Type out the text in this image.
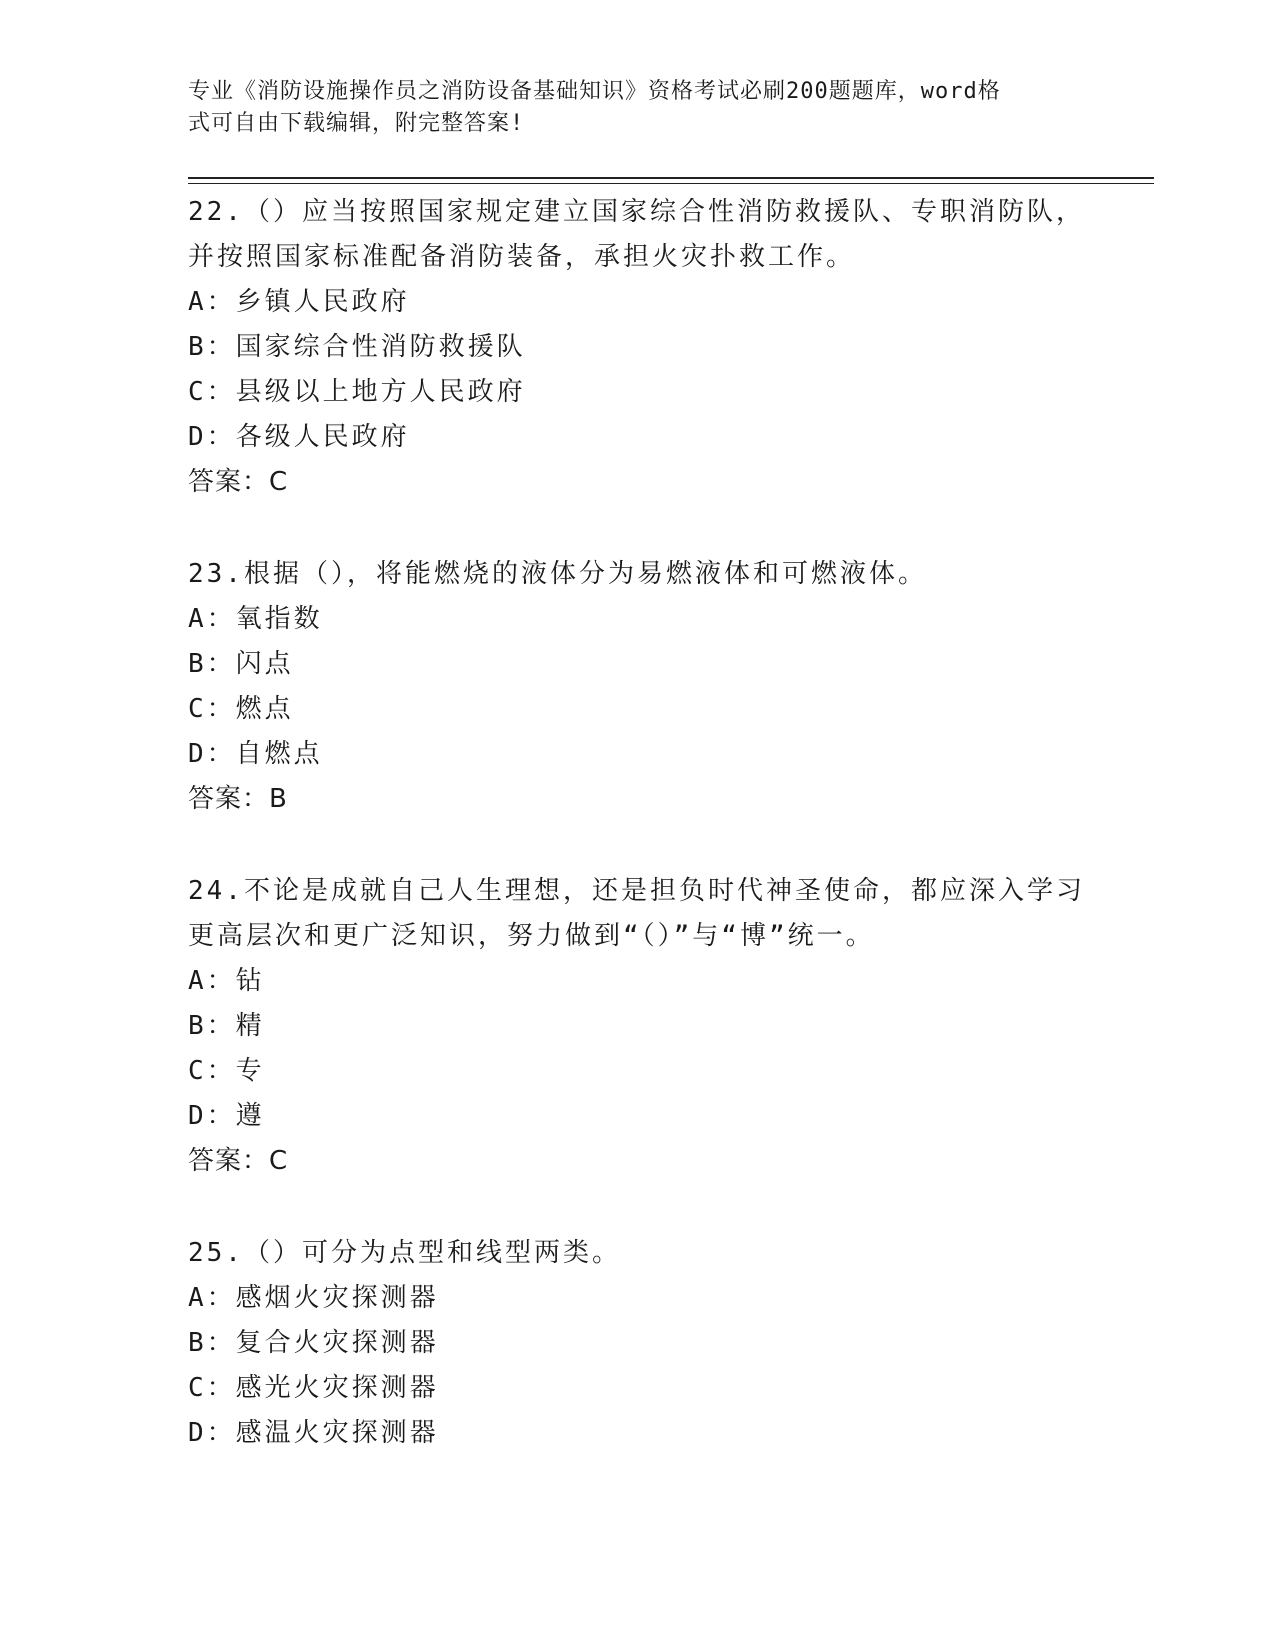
专业《消防设施操作员之消防设备基础知识》资格考试必刷200题题库，word格
式可自由下载编辑，附完整答案!

22.（）应当按照国家规定建立国家综合性消防救援队、专职消防队，

并按照国家标准配备消防装备，承担火灾扑救工作。

A：乡镇人民政府

B：国家综合性消防救援队

C：县级以上地方人民政府

D：各级人民政府

答案：C

23.根据（），将能燃烧的液体分为易燃液体和可燃液体。

A：氧指数

B：闪点

C：燃点

D：自燃点

答案：B

24.不论是成就自己人生理想，还是担负时代神圣使命，都应深入学习

更高层次和更广泛知识，努力做到“（）”与“博”统一。

A：钻

B：精

C：专

D：遵

答案：C

25.（）可分为点型和线型两类。

A：感烟火灾探测器

B：复合火灾探测器

C：感光火灾探测器

D：感温火灾探测器
